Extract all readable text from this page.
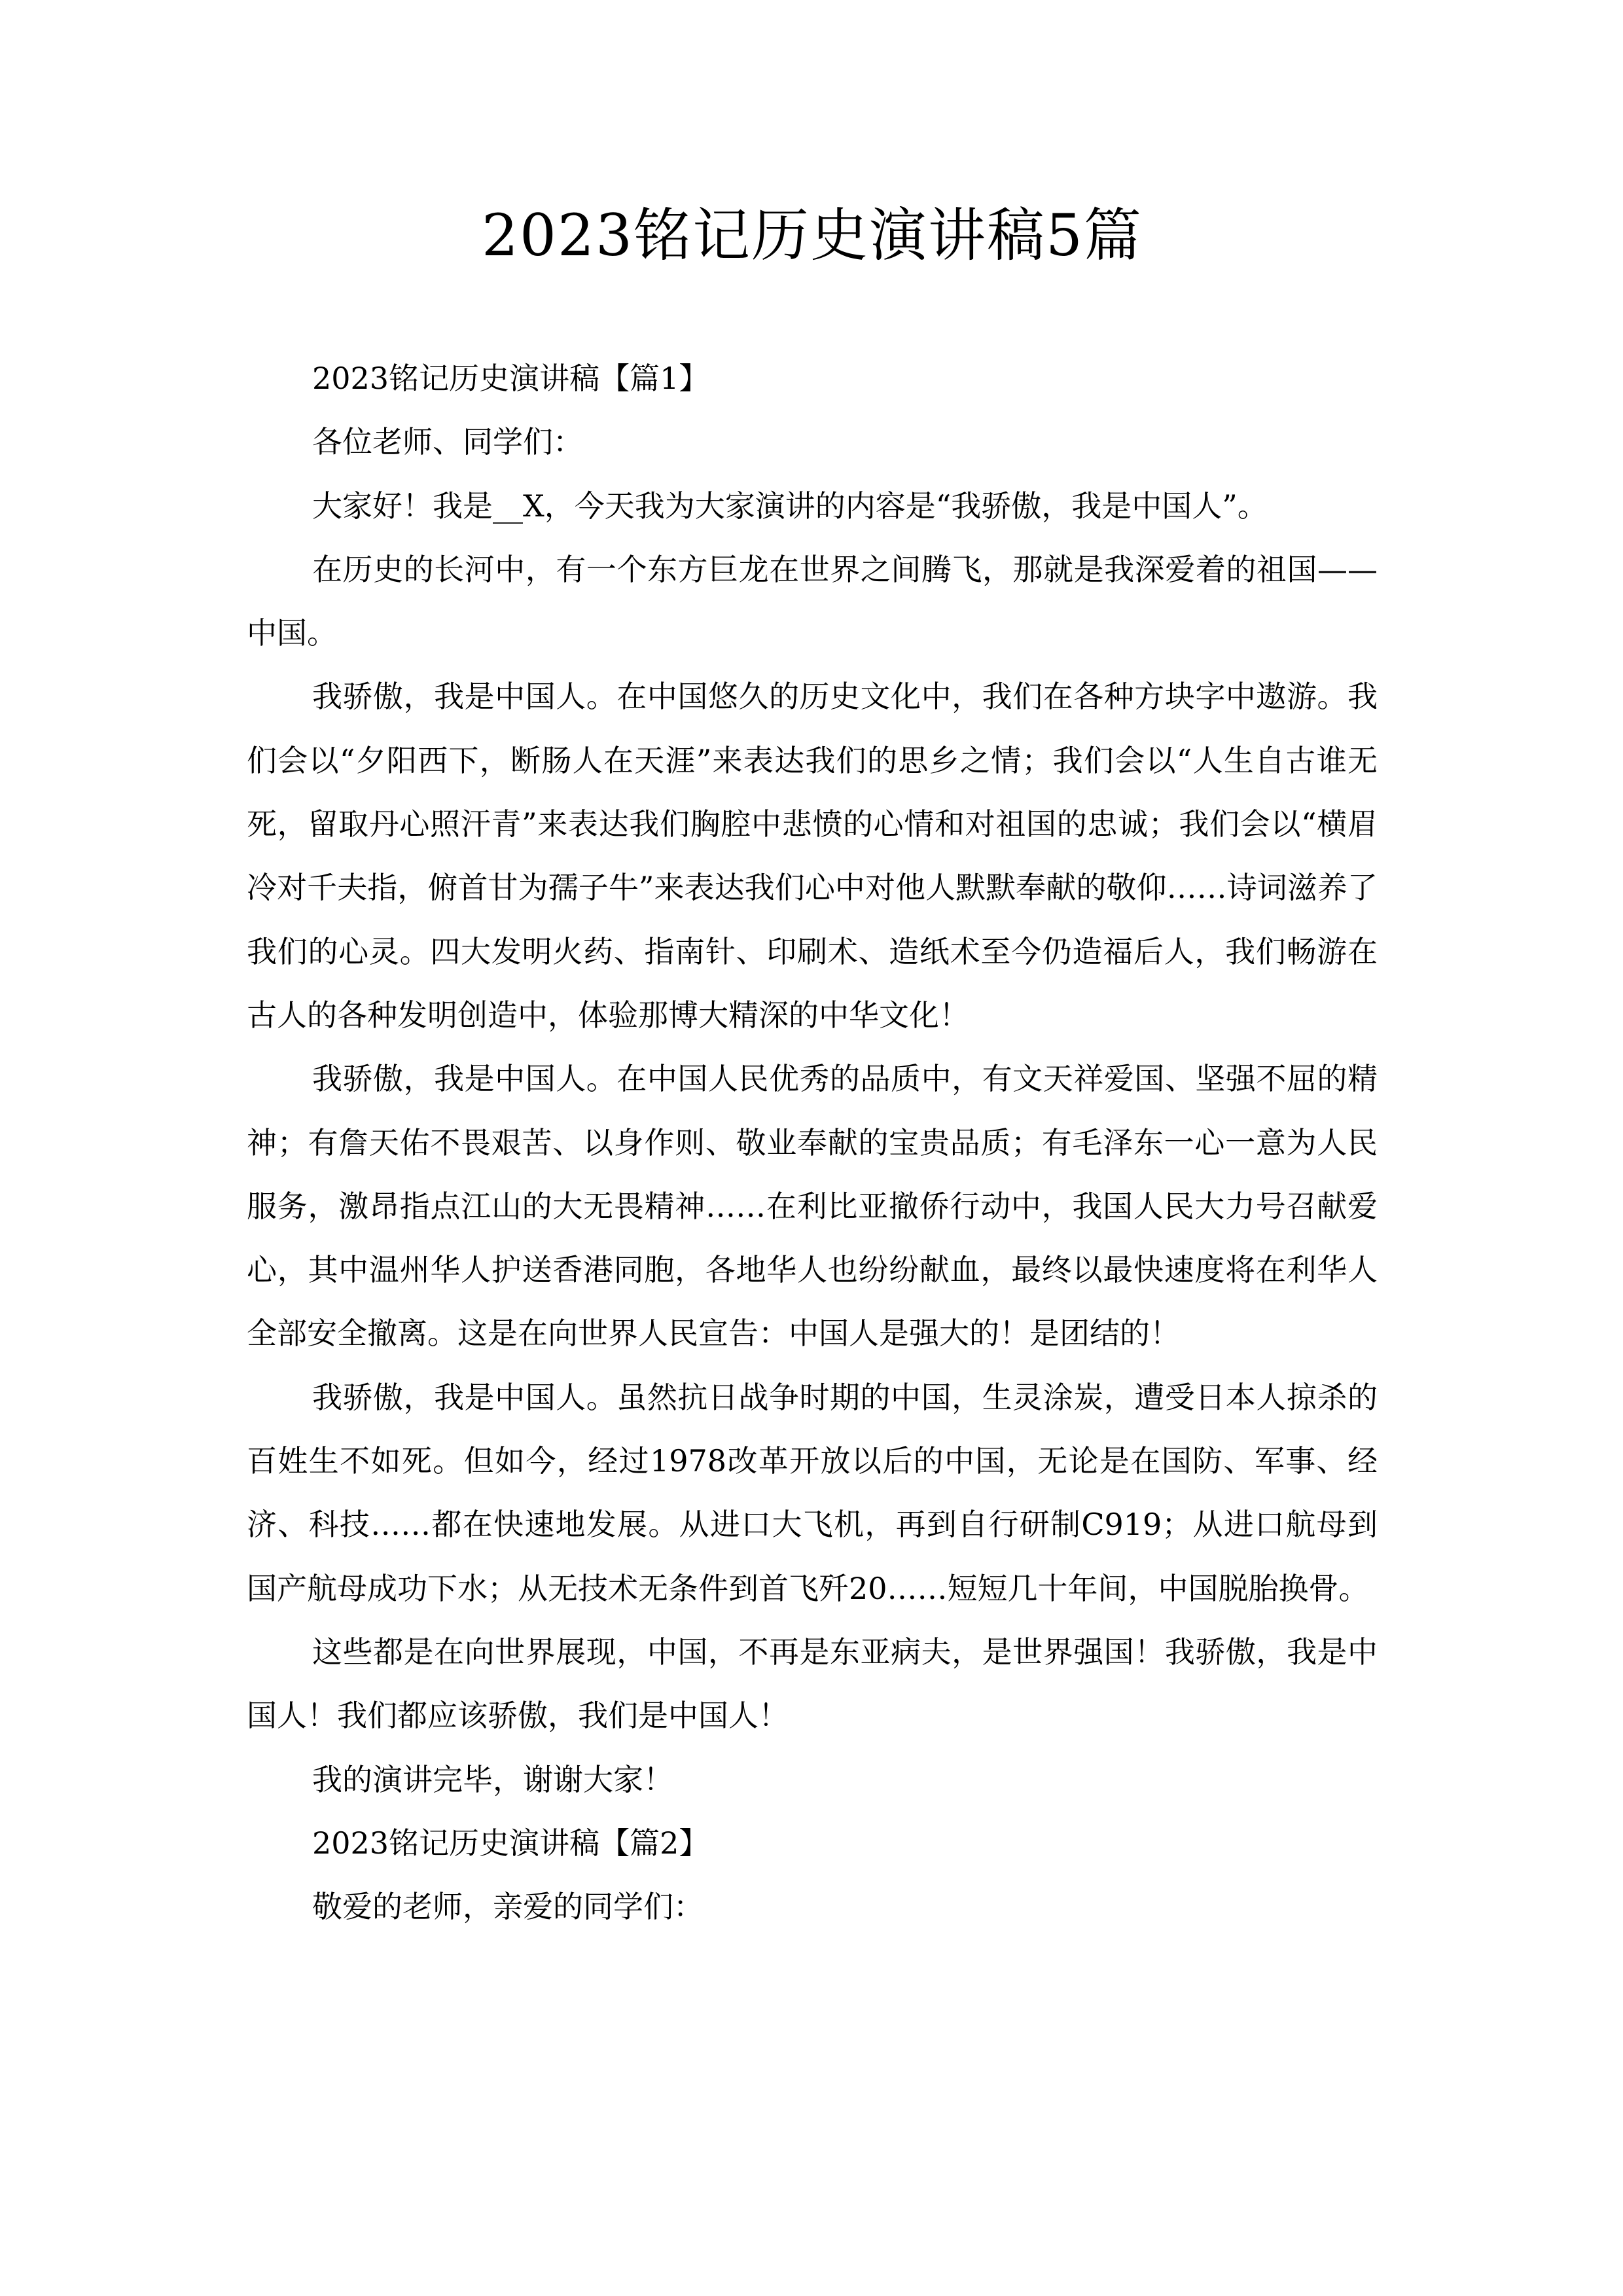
2023铭记历史演讲稿5篇

2023铭记历史演讲稿【篇1】

各位老师、同学们：

大家好！我是__X，今天我为大家演讲的内容是“我骄傲，我是中国人”。

在历史的长河中，有一个东方巨龙在世界之间腾飞，那就是我深爱着的祖国——中国。

我骄傲，我是中国人。在中国悠久的历史文化中，我们在各种方块字中遨游。我们会以“夕阳西下，断肠人在天涯”来表达我们的思乡之情；我们会以“人生自古谁无死，留取丹心照汗青”来表达我们胸腔中悲愤的心情和对祖国的忠诚；我们会以“横眉冷对千夫指，俯首甘为孺子牛”来表达我们心中对他人默默奉献的敬仰……诗词滋养了我们的心灵。四大发明火药、指南针、印刷术、造纸术至今仍造福后人，我们畅游在古人的各种发明创造中，体验那博大精深的中华文化！

我骄傲，我是中国人。在中国人民优秀的品质中，有文天祥爱国、坚强不屈的精神；有詹天佑不畏艰苦、以身作则、敬业奉献的宝贵品质；有毛泽东一心一意为人民服务，激昂指点江山的大无畏精神……在利比亚撤侨行动中，我国人民大力号召献爱心，其中温州华人护送香港同胞，各地华人也纷纷献血，最终以最快速度将在利华人全部安全撤离。这是在向世界人民宣告：中国人是强大的！是团结的！

我骄傲，我是中国人。虽然抗日战争时期的中国，生灵涂炭，遭受日本人掠杀的百姓生不如死。但如今，经过1978改革开放以后的中国，无论是在国防、军事、经济、科技……都在快速地发展。从进口大飞机，再到自行研制C919；从进口航母到国产航母成功下水；从无技术无条件到首飞歼20……短短几十年间，中国脱胎换骨。

这些都是在向世界展现，中国，不再是东亚病夫，是世界强国！我骄傲，我是中国人！我们都应该骄傲，我们是中国人！

我的演讲完毕，谢谢大家！

2023铭记历史演讲稿【篇2】

敬爱的老师，亲爱的同学们：
